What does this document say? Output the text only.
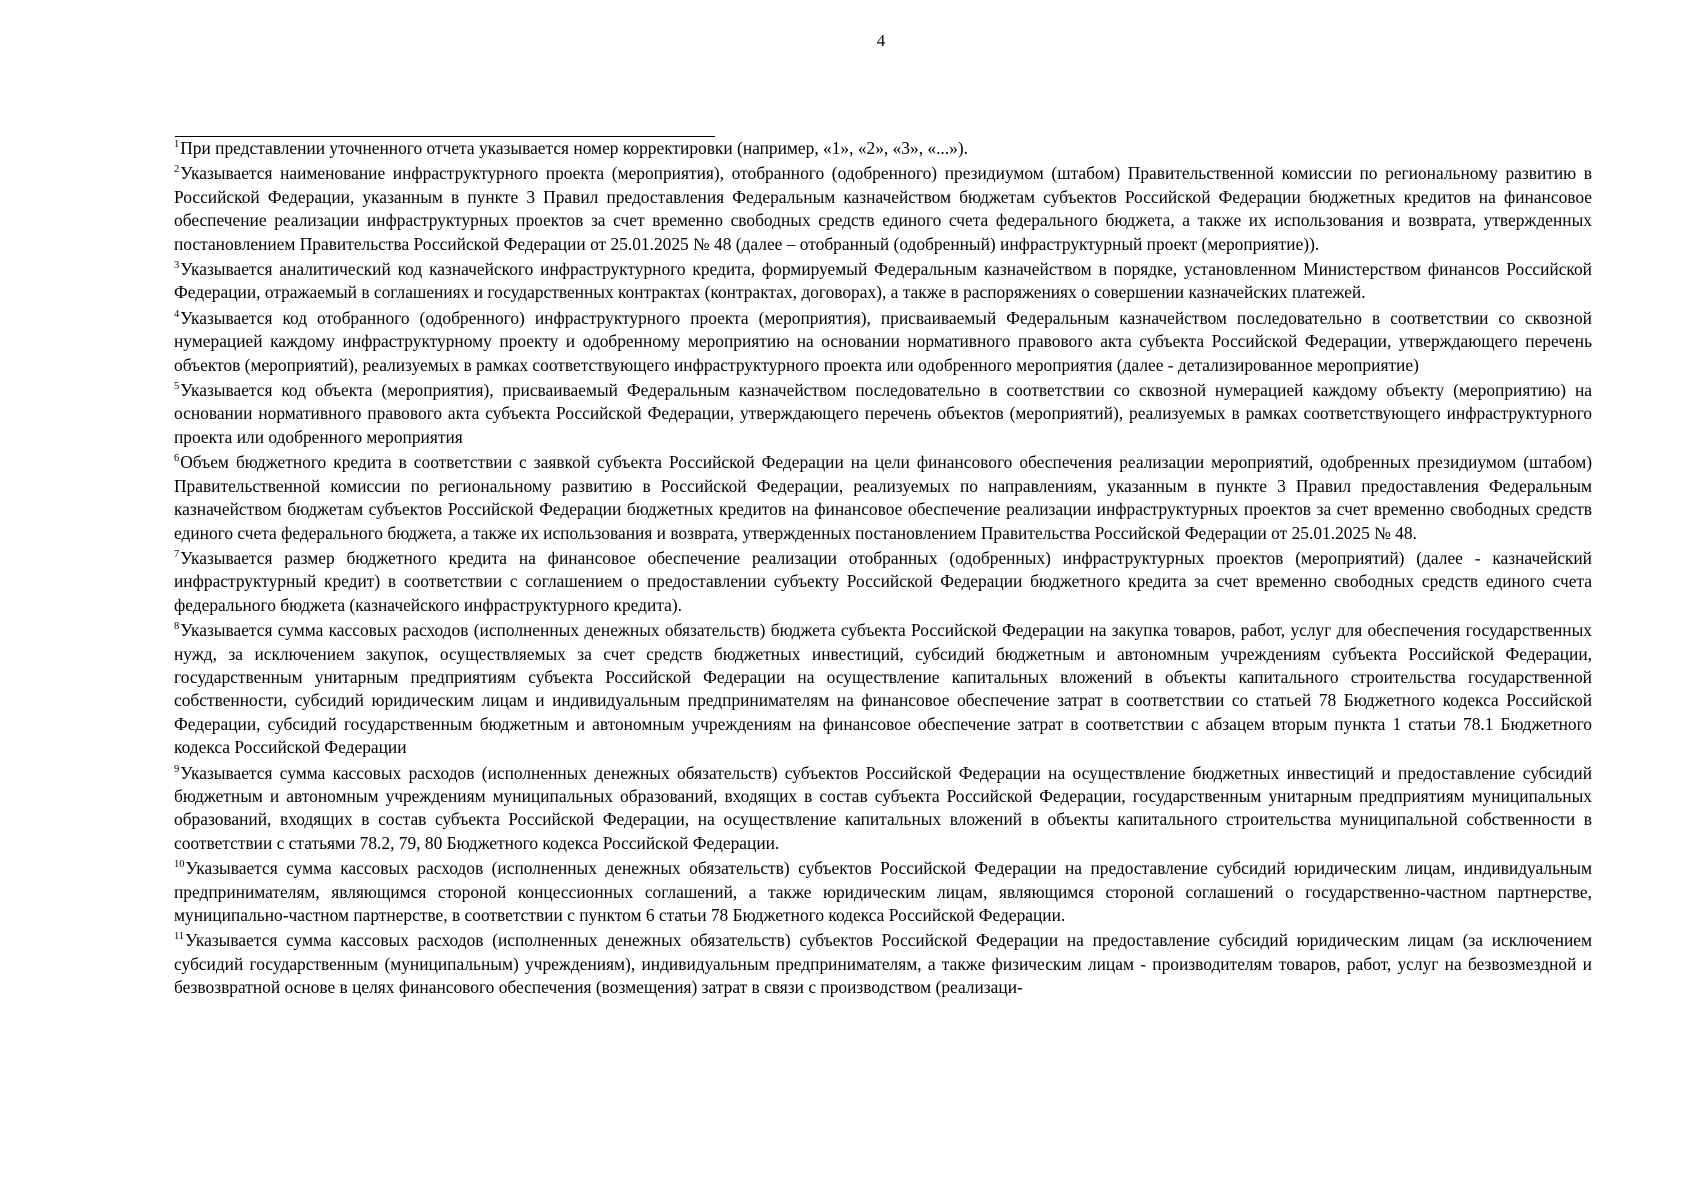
4

$^1$При представлении уточненного отчета указывается номер корректировки (например, «1», «2», «3», «...»).

$^2$Указывается наименование инфраструктурного проекта (мероприятия), отобранного (одобренного) президиумом (штабом) Правительственной комиссии по региональному развитию в Российской Федерации, указанным в пункте 3 Правил предоставления Федеральным казначейством бюджетам субъектов Российской Федерации бюджетных кредитов на финансовое обеспечение реализации инфраструктурных проектов за счет временно свободных средств единого счета федерального бюджета, а также их использования и возврата, утвержденных постановлением Правительства Российской Федерации от 25.01.2025 № 48 (далее – отобранный (одобренный) инфраструктурный проект (мероприятие)).

$^3$Указывается аналитический код казначейского инфраструктурного кредита, формируемый Федеральным казначейством в порядке, установленном Министерством финансов Российской Федерации, отражаемый в соглашениях и государственных контрактах (контрактах, договорах), а также в распоряжениях о совершении казначейских платежей.

$^4$Указывается код отобранного (одобренного) инфраструктурного проекта (мероприятия), присваиваемый Федеральным казначейством последовательно в соответствии со сквозной нумерацией каждому инфраструктурному проекту и одобренному мероприятию на основании нормативного правового акта субъекта Российской Федерации, утверждающего перечень объектов (мероприятий), реализуемых в рамках соответствующего инфраструктурного проекта или одобренного мероприятия (далее - детализированное мероприятие)

$^5$Указывается код объекта (мероприятия), присваиваемый Федеральным казначейством последовательно в соответствии со сквозной нумерацией каждому объекту (мероприятию) на основании нормативного правового акта субъекта Российской Федерации, утверждающего перечень объектов (мероприятий), реализуемых в рамках соответствующего инфраструктурного проекта или одобренного мероприятия

$^6$Объем бюджетного кредита в соответствии с заявкой субъекта Российской Федерации на цели финансового обеспечения реализации мероприятий, одобренных президиумом (штабом) Правительственной комиссии по региональному развитию в Российской Федерации, реализуемых по направлениям, указанным в пункте 3 Правил предоставления Федеральным казначейством бюджетам субъектов Российской Федерации бюджетных кредитов на финансовое обеспечение реализации инфраструктурных проектов за счет временно свободных средств единого счета федерального бюджета, а также их использования и возврата, утвержденных постановлением Правительства Российской Федерации от 25.01.2025 № 48.

$^7$Указывается размер бюджетного кредита на финансовое обеспечение реализации отобранных (одобренных) инфраструктурных проектов (мероприятий) (далее - казначейский инфраструктурный кредит) в соответствии с соглашением о предоставлении субъекту Российской Федерации бюджетного кредита за счет временно свободных средств единого счета федерального бюджета (казначейского инфраструктурного кредита).

$^8$Указывается сумма кассовых расходов (исполненных денежных обязательств) бюджета субъекта Российской Федерации на закупка товаров, работ, услуг для обеспечения государственных нужд, за исключением закупок, осуществляемых за счет средств бюджетных инвестиций, субсидий бюджетным и автономным учреждениям субъекта Российской Федерации, государственным унитарным предприятиям субъекта Российской Федерации на осуществление капитальных вложений в объекты капитального строительства государственной собственности, субсидий юридическим лицам и индивидуальным предпринимателям на финансовое обеспечение затрат в соответствии со статьей 78 Бюджетного кодекса Российской Федерации, субсидий государственным бюджетным и автономным учреждениям на финансовое обеспечение затрат в соответствии с абзацем вторым пункта 1 статьи 78.1 Бюджетного кодекса Российской Федерации

$^9$Указывается сумма кассовых расходов (исполненных денежных обязательств) субъектов Российской Федерации на осуществление бюджетных инвестиций и предоставление субсидий бюджетным и автономным учреждениям муниципальных образований, входящих в состав субъекта Российской Федерации, государственным унитарным предприятиям муниципальных образований, входящих в состав субъекта Российской Федерации, на осуществление капитальных вложений в объекты капитального строительства муниципальной собственности в соответствии с статьями 78.2, 79, 80 Бюджетного кодекса Российской Федерации.

$^{10}$Указывается сумма кассовых расходов (исполненных денежных обязательств) субъектов Российской Федерации на предоставление субсидий юридическим лицам, индивидуальным предпринимателям, являющимся стороной концессионных соглашений, а также юридическим лицам, являющимся стороной соглашений о государственно-частном партнерстве, муниципально-частном партнерстве, в соответствии с пунктом 6 статьи 78 Бюджетного кодекса Российской Федерации.

$^{11}$Указывается сумма кассовых расходов (исполненных денежных обязательств) субъектов Российской Федерации на предоставление субсидий юридическим лицам (за исключением субсидий государственным (муниципальным) учреждениям), индивидуальным предпринимателям, а также физическим лицам - производителям товаров, работ, услуг на безвозмездной и безвозвратной основе в целях финансового обеспечения (возмещения) затрат в связи с производством (реализаци-
